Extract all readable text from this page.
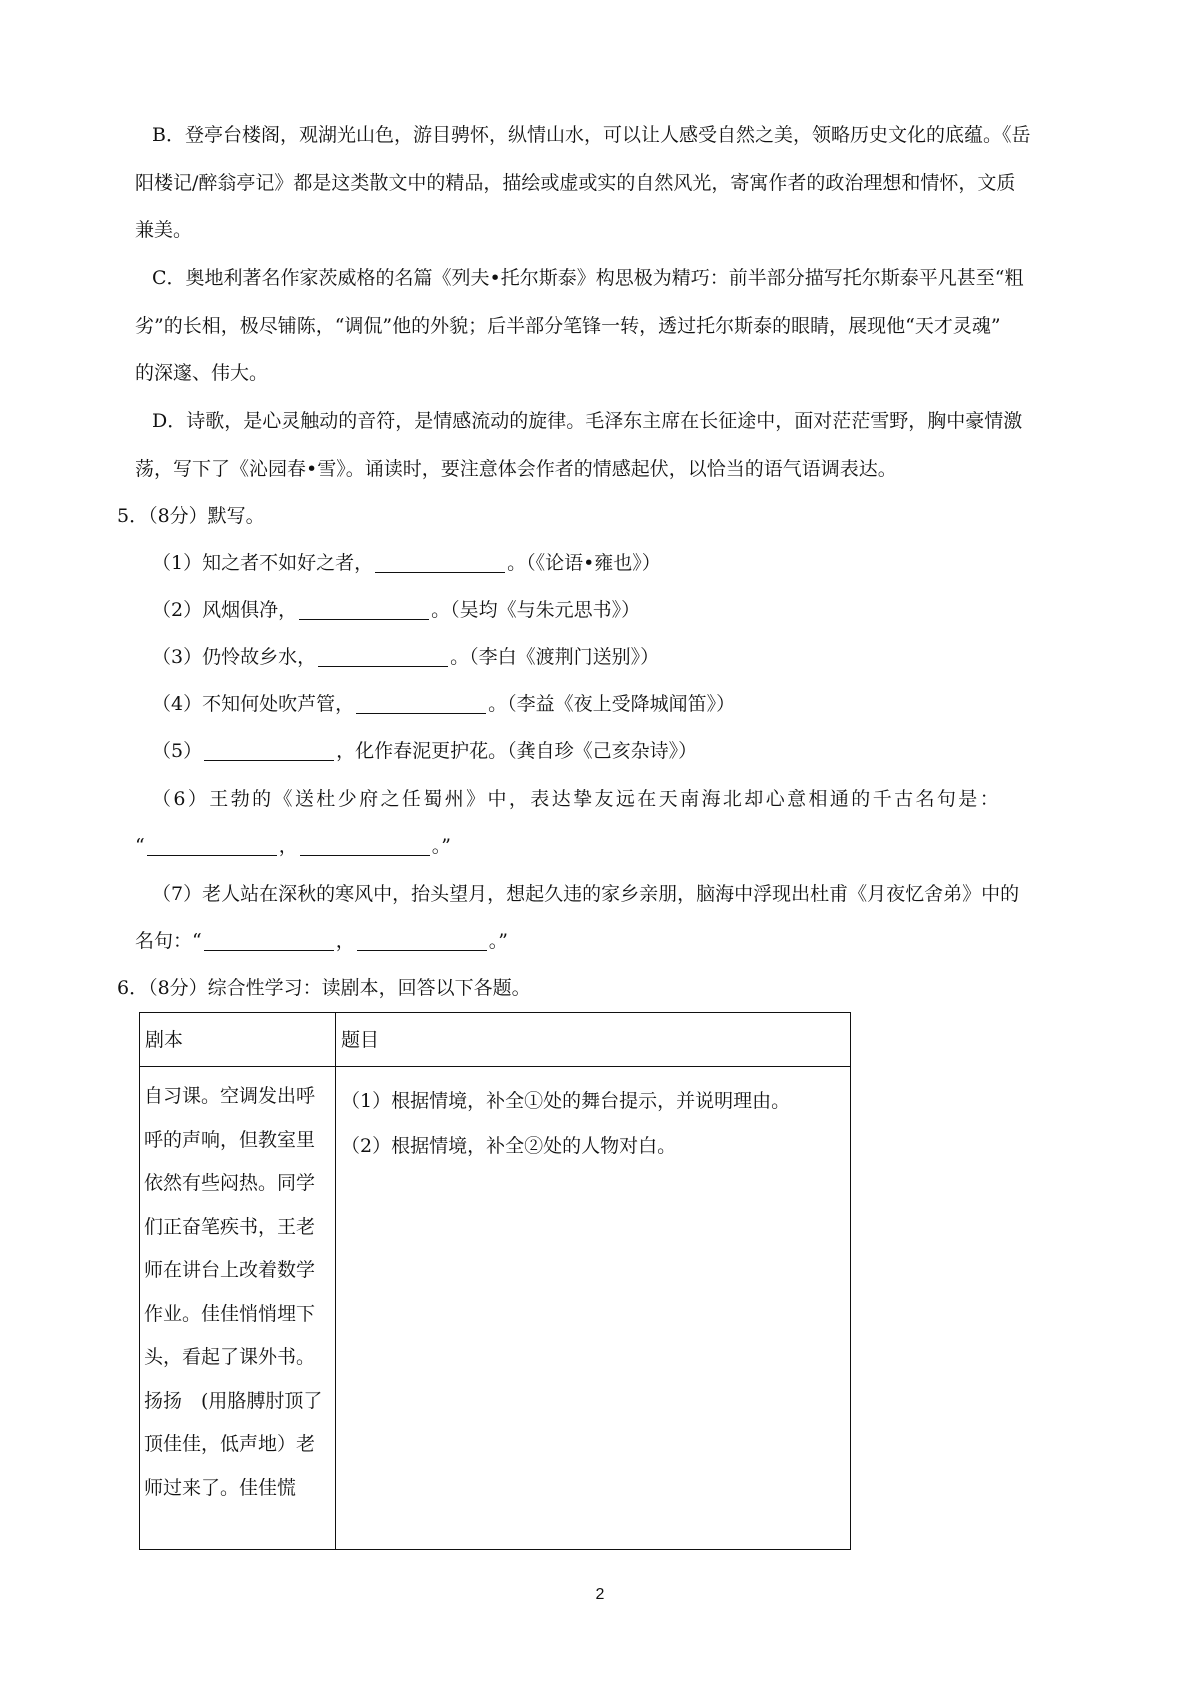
B．登亭台楼阁，观湖光山色，游目骋怀，纵情山水，可以让人感受自然之美，领略历史文化的底蕴。《岳
阳楼记/醉翁亭记》都是这类散文中的精品，描绘或虚或实的自然风光，寄寓作者的政治理想和情怀，文质
兼美。
C．奥地利著名作家茨威格的名篇《列夫•托尔斯泰》构思极为精巧：前半部分描写托尔斯泰平凡甚至“粗
劣”的长相，极尽铺陈，“调侃”他的外貌；后半部分笔锋一转，透过托尔斯泰的眼睛，展现他“天才灵魂”
的深邃、伟大。
D．诗歌，是心灵触动的音符，是情感流动的旋律。毛泽东主席在长征途中，面对茫茫雪野，胸中豪情激
荡，写下了《沁园春•雪》。诵读时，要注意体会作者的情感起伏，以恰当的语气语调表达。
5．（8分）默写。
（1）知之者不如好之者，	。（《论语•雍也》）
（2）风烟俱净，	。（吴均《与朱元思书》）
（3）仍怜故乡水，	。（李白《渡荆门送别》）
（4）不知何处吹芦管，	。（李益《夜上受降城闻笛》）
（5）	，化作春泥更护花。（龚自珍《己亥杂诗》）
（6）王勃的《送杜少府之任蜀州》中，表达挚友远在天南海北却心意相通的千古名句是：
“	，	。”
（7）老人站在深秋的寒风中，抬头望月，想起久违的家乡亲朋，脑海中浮现出杜甫《月夜忆舍弟》中的
名句：“	，	。”
6．（8分）综合性学习：读剧本，回答以下各题。
剧本	题目

自习课。空调发出呼呼的声响，但教室里依然有些闷热。同学们正奋笔疾书，王老师在讲台上改着数学作业。佳佳悄悄埋下头，看起了课外书。扬扬　(用胳膊肘顶了顶佳佳，低声地）老师过来了。佳佳慌	（1）根据情境，补全①处的舞台提示，并说明理由。
（2）根据情境，补全②处的人物对白。
2
